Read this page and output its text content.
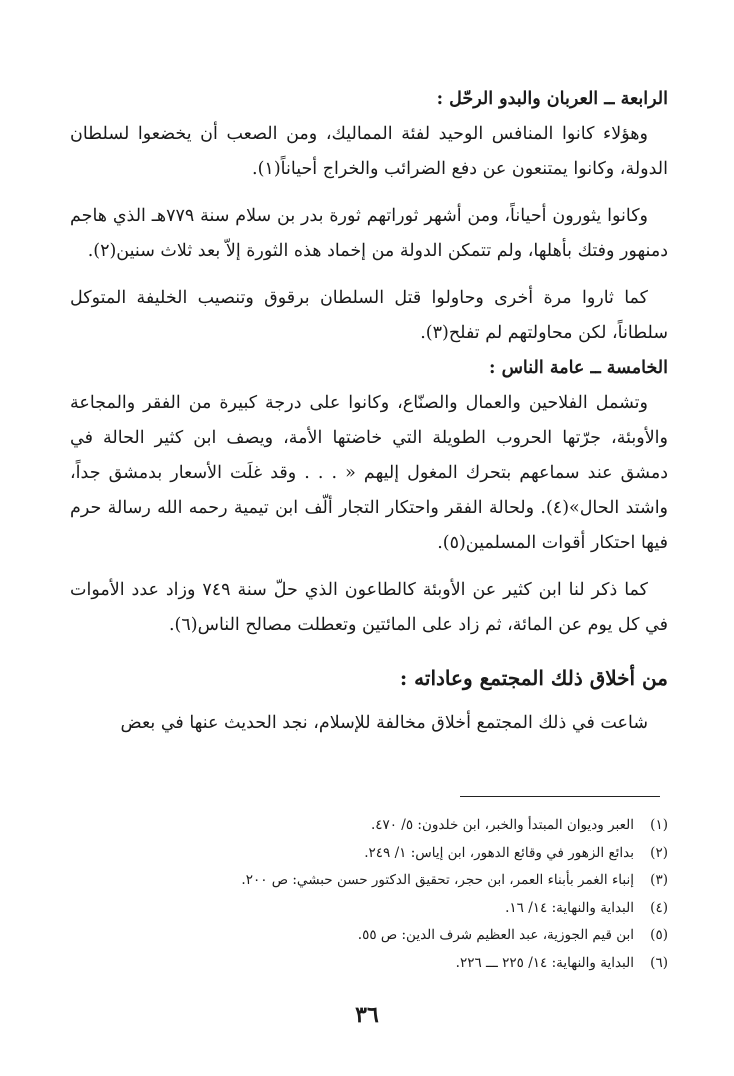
الرابعة ــ العربان والبدو الرحّل :

وهؤلاء كانوا المنافس الوحيد لفئة المماليك، ومن الصعب أن يخضعوا لسلطان الدولة، وكانوا يمتنعون عن دفع الضرائب والخراج أحياناً(١).

وكانوا يثورون أحياناً، ومن أشهر ثوراتهم ثورة بدر بن سلام سنة ٧٧٩هـ الذي هاجم دمنهور وفتك بأهلها، ولم تتمكن الدولة من إخماد هذه الثورة إلاّ بعد ثلاث سنين(٢).

كما ثاروا مرة أخرى وحاولوا قتل السلطان برقوق وتنصيب الخليفة المتوكل سلطاناً، لكن محاولتهم لم تفلح(٣).

الخامسة ــ عامة الناس :

وتشمل الفلاحين والعمال والصنّاع، وكانوا على درجة كبيرة من الفقر والمجاعة والأوبئة، جرّتها الحروب الطويلة التي خاضتها الأمة، ويصف ابن كثير الحالة في دمشق عند سماعهم بتحرك المغول إليهم « . . . وقد غلَت الأسعار بدمشق جداً، واشتد الحال»(٤). ولحالة الفقر واحتكار التجار ألّف ابن تيمية رحمه الله رسالة حرم فيها احتكار أقوات المسلمين(٥).

كما ذكر لنا ابن كثير عن الأوبئة كالطاعون الذي حلّ سنة ٧٤٩ وزاد عدد الأموات في كل يوم عن المائة، ثم زاد على المائتين وتعطلت مصالح الناس(٦).

من أخلاق ذلك المجتمع وعاداته :

شاعت في ذلك المجتمع أخلاق مخالفة للإسلام، نجد الحديث عنها في بعض

(١)
العبر وديوان المبتدأ والخبر، ابن خلدون: ٥/ ٤٧٠.

(٢)
بدائع الزهور في وقائع الدهور، ابن إياس: ١/ ٢٤٩.

(٣)
إنباء الغمر بأبناء العمر، ابن حجر، تحقيق الدكتور حسن حبشي: ص ٢٠٠.

(٤)
البداية والنهاية: ١٤/ ١٦.

(٥)
ابن قيم الجوزية، عبد العظيم شرف الدين: ص ٥٥.

(٦)
البداية والنهاية: ١٤/ ٢٢٥ ـــ ٢٢٦.

٣٦
